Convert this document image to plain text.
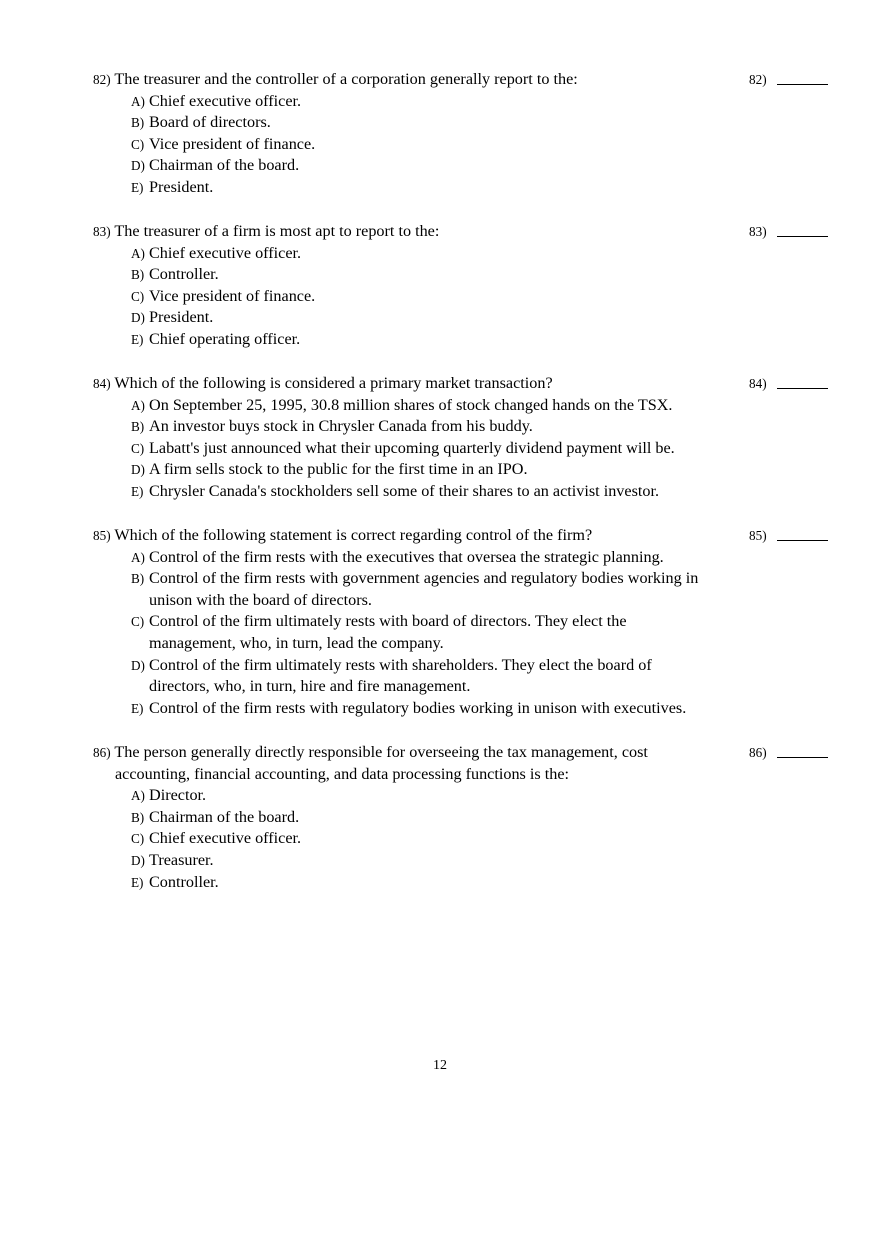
82) The treasurer and the controller of a corporation generally report to the:	82)
A) Chief executive officer.
B) Board of directors.
C) Vice president of finance.
D) Chairman of the board.
E) President.
83) The treasurer of a firm is most apt to report to the:	83)
A) Chief executive officer.
B) Controller.
C) Vice president of finance.
D) President.
E) Chief operating officer.
84) Which of the following is considered a primary market transaction?	84)
A) On September 25, 1995, 30.8 million shares of stock changed hands on the TSX.
B) An investor buys stock in Chrysler Canada from his buddy.
C) Labatt's just announced what their upcoming quarterly dividend payment will be.
D) A firm sells stock to the public for the first time in an IPO.
E) Chrysler Canada's stockholders sell some of their shares to an activist investor.
85) Which of the following statement is correct regarding control of the firm?	85)
A) Control of the firm rests with the executives that oversea the strategic planning.
B) Control of the firm rests with government agencies and regulatory bodies working in unison with the board of directors.
C) Control of the firm ultimately rests with board of directors. They elect the management, who, in turn, lead the company.
D) Control of the firm ultimately rests with shareholders. They elect the board of directors, who, in turn, hire and fire management.
E) Control of the firm rests with regulatory bodies working in unison with executives.
86) The person generally directly responsible for overseeing the tax management, cost
accounting, financial accounting, and data processing functions is the:
86)
A) Director.
B) Chairman of the board.
C) Chief executive officer.
D) Treasurer.
E) Controller.
12
